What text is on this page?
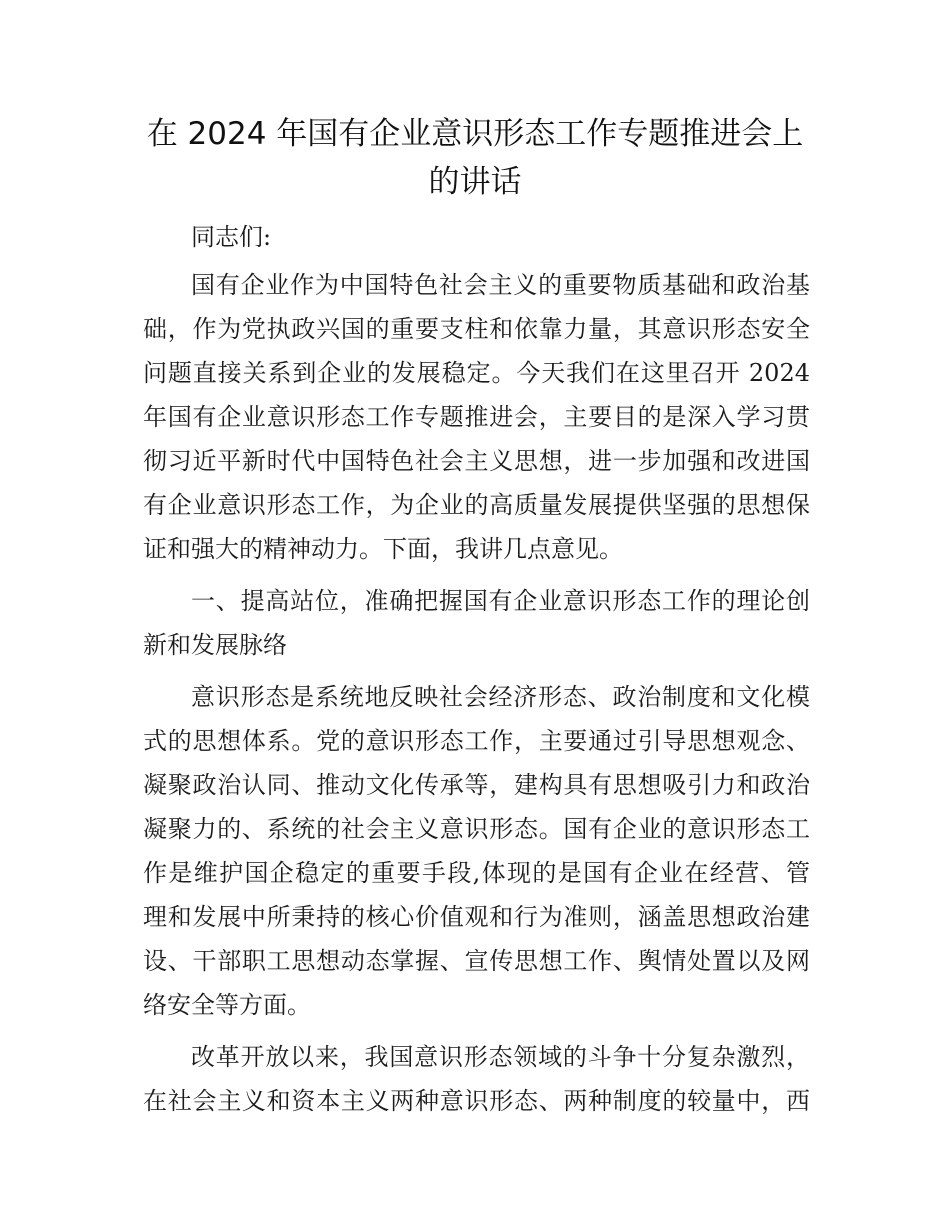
在 2024 年国有企业意识形态工作专题推进会上
的讲话
同志们:
国有企业作为中国特色社会主义的重要物质基础和政治基
础，作为党执政兴国的重要支柱和依靠力量，其意识形态安全
问题直接关系到企业的发展稳定。今天我们在这里召开 2024
年国有企业意识形态工作专题推进会，主要目的是深入学习贯
彻习近平新时代中国特色社会主义思想，进一步加强和改进国
有企业意识形态工作，为企业的高质量发展提供坚强的思想保
证和强大的精神动力。下面，我讲几点意见。
一、提高站位，准确把握国有企业意识形态工作的理论创
新和发展脉络
意识形态是系统地反映社会经济形态、政治制度和文化模
式的思想体系。党的意识形态工作，主要通过引导思想观念、
凝聚政治认同、推动文化传承等，建构具有思想吸引力和政治
凝聚力的、系统的社会主义意识形态。国有企业的意识形态工
作是维护国企稳定的重要手段,体现的是国有企业在经营、管
理和发展中所秉持的核心价值观和行为准则，涵盖思想政治建
设、干部职工思想动态掌握、宣传思想工作、舆情处置以及网
络安全等方面。
改革开放以来，我国意识形态领域的斗争十分复杂激烈，
在社会主义和资本主义两种意识形态、两种制度的较量中，西
